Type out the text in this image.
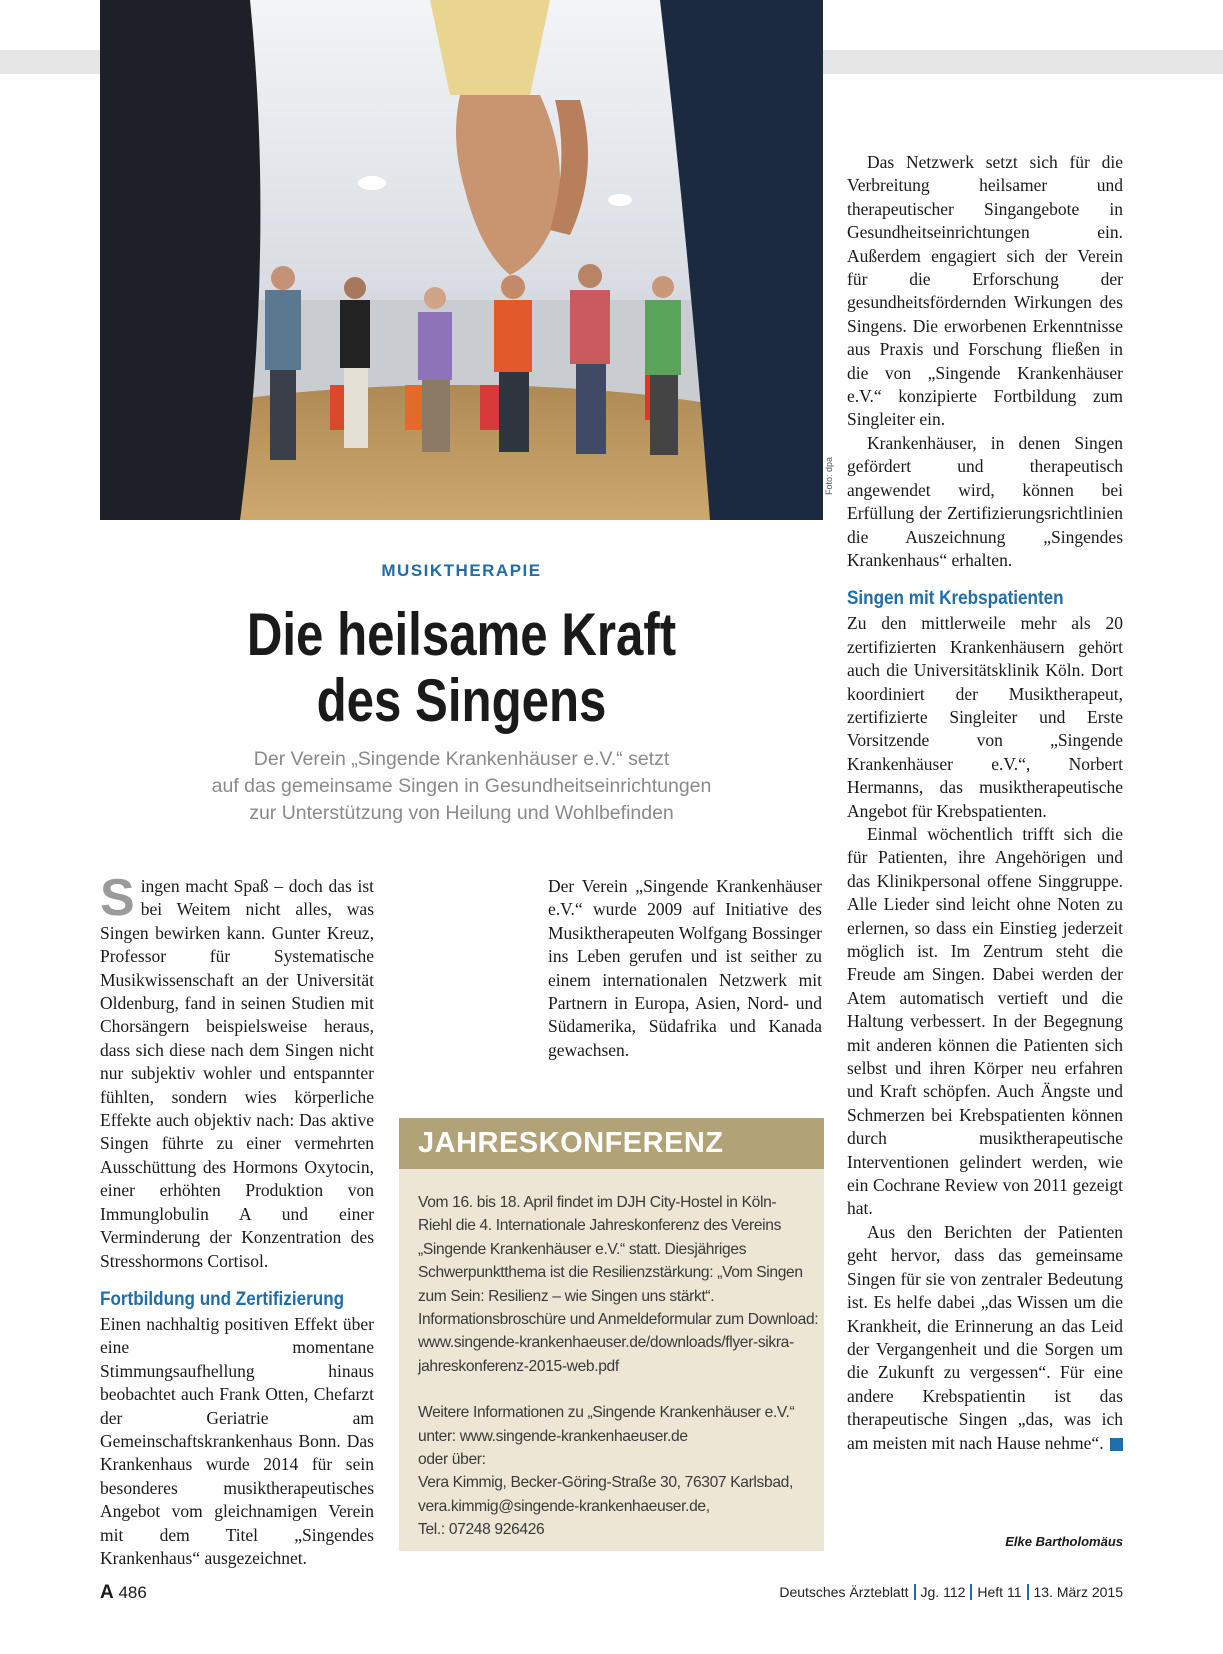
Foto: dpa
MUSIKTHERAPIE
Die heilsame Kraft
des Singens
Der Verein „Singende Krankenhäuser e.V.“ setzt
auf das gemeinsame Singen in Gesundheitseinrichtungen
zur Unterstützung von Heilung und Wohlbefinden

Singen macht Spaß – doch das ist bei Weitem nicht alles, was Singen bewirken kann. Gunter Kreuz, Professor für Systematische Musikwissenschaft an der Universität Oldenburg, fand in seinen Studien mit Chorsängern beispielsweise heraus, dass sich diese nach dem Singen nicht nur subjektiv wohler und entspannter fühlten, sondern wies körperliche Effekte auch objektiv nach: Das aktive Singen führte zu einer vermehrten Ausschüttung des Hormons Oxytocin, einer erhöhten Produktion von Immunglobulin A und einer Verminderung der Konzentration des Stresshormons Cortisol.

Fortbildung und Zertifizierung

Einen nachhaltig positiven Effekt über eine momentane Stimmungsaufhellung hinaus beobachtet auch Frank Otten, Chefarzt der Geriatrie am Gemeinschaftskrankenhaus Bonn. Das Krankenhaus wurde 2014 für sein besonderes musiktherapeutisches Angebot vom gleichnamigen Verein mit dem Titel „Singendes Krankenhaus“ ausgezeichnet.

Der Verein „Singende Krankenhäuser e.V.“ wurde 2009 auf Initiative des Musiktherapeuten Wolfgang Bossinger ins Leben gerufen und ist seither zu einem internationalen Netzwerk mit Partnern in Europa, Asien, Nord- und Südamerika, Südafrika und Kanada gewachsen.

Das Netzwerk setzt sich für die Verbreitung heilsamer und therapeutischer Singangebote in Gesundheitseinrichtungen ein. Außerdem engagiert sich der Verein für die Erforschung der gesundheitsfördernden Wirkungen des Singens. Die erworbenen Erkenntnisse aus Praxis und Forschung fließen in die von „Singende Krankenhäuser e.V.“ konzipierte Fortbildung zum Singleiter ein.

Krankenhäuser, in denen Singen gefördert und therapeutisch angewendet wird, können bei Erfüllung der Zertifizierungsrichtlinien die Auszeichnung „Singendes Krankenhaus“ erhalten.

Singen mit Krebspatienten

Zu den mittlerweile mehr als 20 zertifizierten Krankenhäusern gehört auch die Universitätsklinik Köln. Dort koordiniert der Musiktherapeut, zertifizierte Singleiter und Erste Vorsitzende von „Singende Krankenhäuser e.V.“, Norbert Hermanns, das musiktherapeutische Angebot für Krebspatienten.

Einmal wöchentlich trifft sich die für Patienten, ihre Angehörigen und das Klinikpersonal offene Singgruppe. Alle Lieder sind leicht ohne Noten zu erlernen, so dass ein Einstieg jederzeit möglich ist. Im Zentrum steht die Freude am Singen. Dabei werden der Atem automatisch vertieft und die Haltung verbessert. In der Begegnung mit anderen können die Patienten sich selbst und ihren Körper neu erfahren und Kraft schöpfen. Auch Ängste und Schmerzen bei Krebspatienten können durch musiktherapeutische Interventionen gelindert werden, wie ein Cochrane Review von 2011 gezeigt hat.

Aus den Berichten der Patienten geht hervor, dass das gemeinsame Singen für sie von zentraler Bedeutung ist. Es helfe dabei „das Wissen um die Krankheit, die Erinnerung an das Leid der Vergangenheit und die Sorgen um die Zukunft zu vergessen“. Für eine andere Krebspatientin ist das therapeutische Singen „das, was ich am meisten mit nach Hause nehme“.

Elke Bartholomäus
JAHRESKONFERENZ

Vom 16. bis 18. April findet im DJH City-Hostel in Köln-

Riehl die 4. Internationale Jahreskonferenz des Vereins

„Singende Krankenhäuser e.V.“ statt. Diesjähriges

Schwerpunktthema ist die Resilienzstärkung: „Vom Singen

zum Sein: Resilienz – wie Singen uns stärkt“.

Informationsbroschüre und Anmeldeformular zum Download:

www.singende-krankenhaeuser.de/downloads/flyer-sikra-

jahreskonferenz-2015-web.pdf

Weitere Informationen zu „Singende Krankenhäuser e.V.“

unter: www.singende-krankenhaeuser.de

oder über:

Vera Kimmig, Becker-Göring-Straße 30, 76307 Karlsbad,

vera.kimmig@singende-krankenhaeuser.de,

Tel.: 07248 926426

A 486	Deutsches Ärzteblatt Jg. 112 Heft 11 13. März 2015
